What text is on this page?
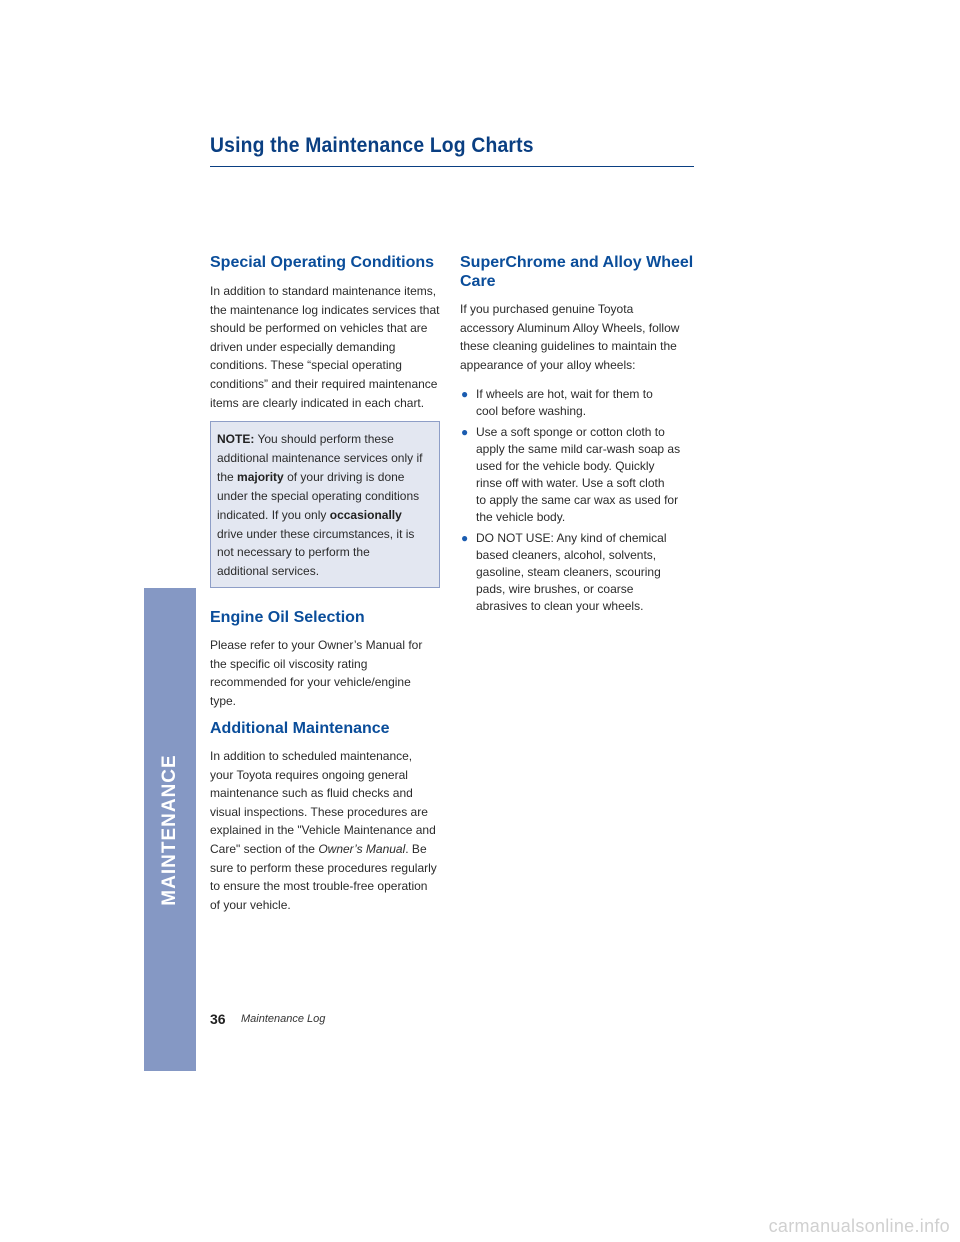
Using the Maintenance Log Charts
Special Operating Conditions

In addition to standard maintenance items,

the maintenance log indicates services that

should be performed on vehicles that are

driven under especially demanding

conditions. These “special operating

conditions” and their required maintenance

items are clearly indicated in each chart.

NOTE: You should perform these

additional maintenance services only if

the majority of your driving is done

under the special operating conditions

indicated. If you only occasionally

drive under these circumstances, it is

not necessary to perform the

additional services.

Engine Oil Selection

Please refer to your Owner’s Manual for

the specific oil viscosity rating

recommended for your vehicle/engine

type.

Additional Maintenance

In addition to scheduled maintenance,

your Toyota requires ongoing general

maintenance such as fluid checks and

visual inspections. These procedures are

explained in the "Vehicle Maintenance and

Care" section of the Owner’s Manual. Be

sure to perform these procedures regularly

to ensure the most trouble-free operation

of your vehicle.

SuperChrome and Alloy Wheel
Care

If you purchased genuine Toyota

accessory Aluminum Alloy Wheels, follow

these cleaning guidelines to maintain the

appearance of your alloy wheels:

● If wheels are hot, wait for them to
cool before washing.
● Use a soft sponge or cotton cloth to
apply the same mild car-wash soap as
used for the vehicle body. Quickly
rinse off with water. Use a soft cloth
to apply the same car wax as used for
the vehicle body.
● DO NOT USE: Any kind of chemical
based cleaners, alcohol, solvents,
gasoline, steam cleaners, scouring
pads, wire brushes, or coarse
abrasives to clean your wheels.
MAINTENANCE
36 Maintenance Log
carmanualsonline.info
